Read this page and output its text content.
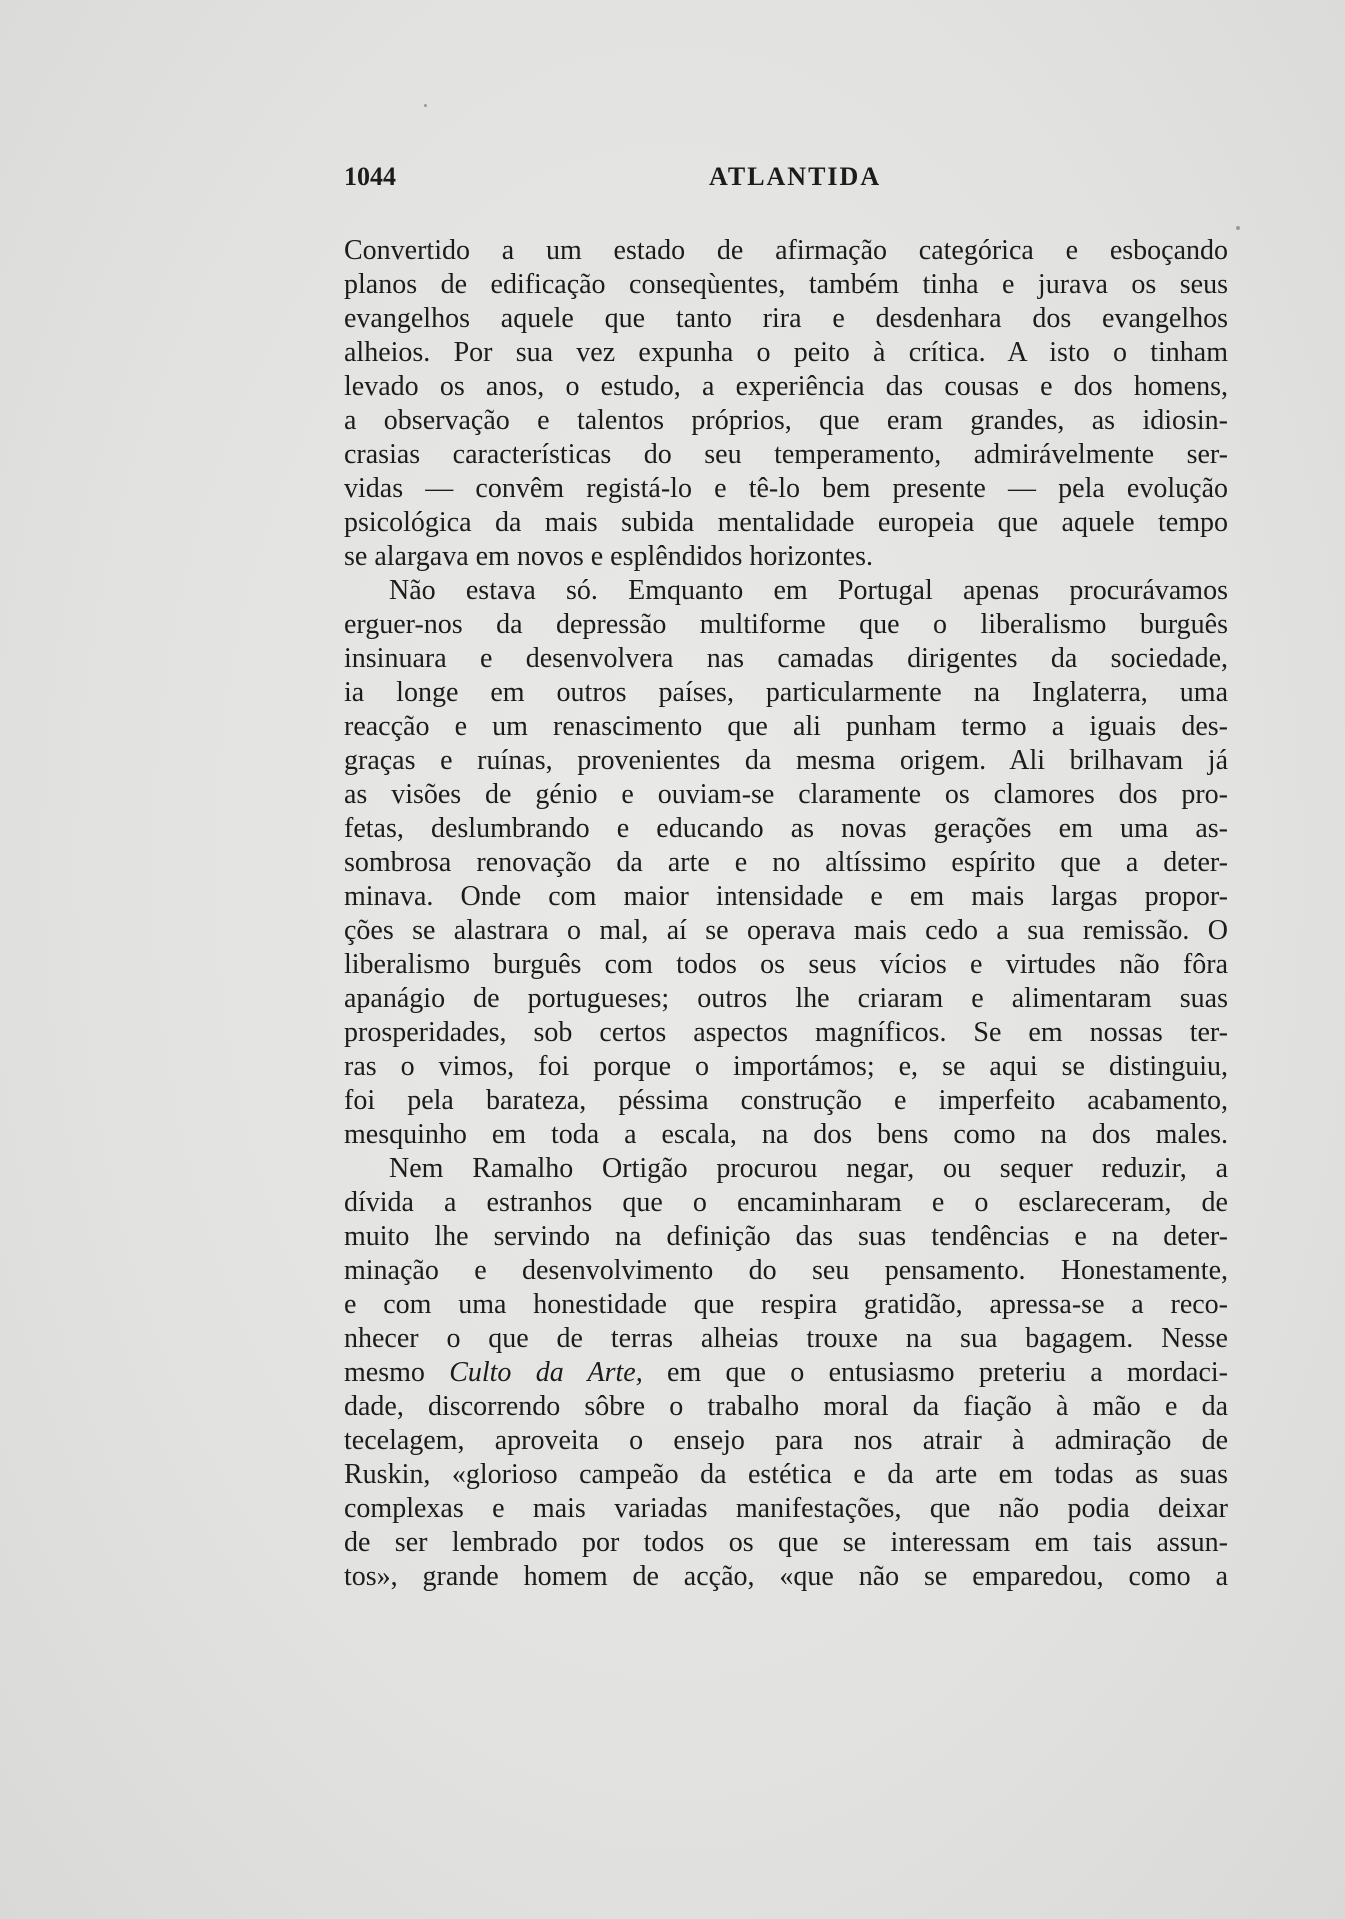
1044	ATLANTIDA
Convertido a um estado de afirmação categórica e esboçando
planos de edificação conseqùentes, também tinha e jurava os seus
evangelhos aquele que tanto rira e desdenhara dos evangelhos
alheios. Por sua vez expunha o peito à crítica. A isto o tinham
levado os anos, o estudo, a experiência das cousas e dos homens,
a observação e talentos próprios, que eram grandes, as idiosin-
crasias características do seu temperamento, admirávelmente ser-
vidas — convêm registá-lo e tê-lo bem presente — pela evolução
psicológica da mais subida mentalidade europeia que aquele tempo
se alargava em novos e esplêndidos horizontes.
Não estava só. Emquanto em Portugal apenas procurávamos
erguer-nos da depressão multiforme que o liberalismo burguês
insinuara e desenvolvera nas camadas dirigentes da sociedade,
ia longe em outros países, particularmente na Inglaterra, uma
reacção e um renascimento que ali punham termo a iguais des-
graças e ruínas, provenientes da mesma origem. Ali brilhavam já
as visões de génio e ouviam-se claramente os clamores dos pro-
fetas, deslumbrando e educando as novas gerações em uma as-
sombrosa renovação da arte e no altíssimo espírito que a deter-
minava. Onde com maior intensidade e em mais largas propor-
ções se alastrara o mal, aí se operava mais cedo a sua remissão. O
liberalismo burguês com todos os seus vícios e virtudes não fôra
apanágio de portugueses; outros lhe criaram e alimentaram suas
prosperidades, sob certos aspectos magníficos. Se em nossas ter-
ras o vimos, foi porque o importámos; e, se aqui se distinguiu,
foi pela barateza, péssima construção e imperfeito acabamento,
mesquinho em toda a escala, na dos bens como na dos males.
Nem Ramalho Ortigão procurou negar, ou sequer reduzir, a
dívida a estranhos que o encaminharam e o esclareceram, de
muito lhe servindo na definição das suas tendências e na deter-
minação e desenvolvimento do seu pensamento. Honestamente,
e com uma honestidade que respira gratidão, apressa-se a reco-
nhecer o que de terras alheias trouxe na sua bagagem. Nesse
mesmo Culto da Arte, em que o entusiasmo preteriu a mordaci-
dade, discorrendo sôbre o trabalho moral da fiação à mão e da
tecelagem, aproveita o ensejo para nos atrair à admiração de
Ruskin, «glorioso campeão da estética e da arte em todas as suas
complexas e mais variadas manifestações, que não podia deixar
de ser lembrado por todos os que se interessam em tais assun-
tos», grande homem de acção, «que não se emparedou, como a
